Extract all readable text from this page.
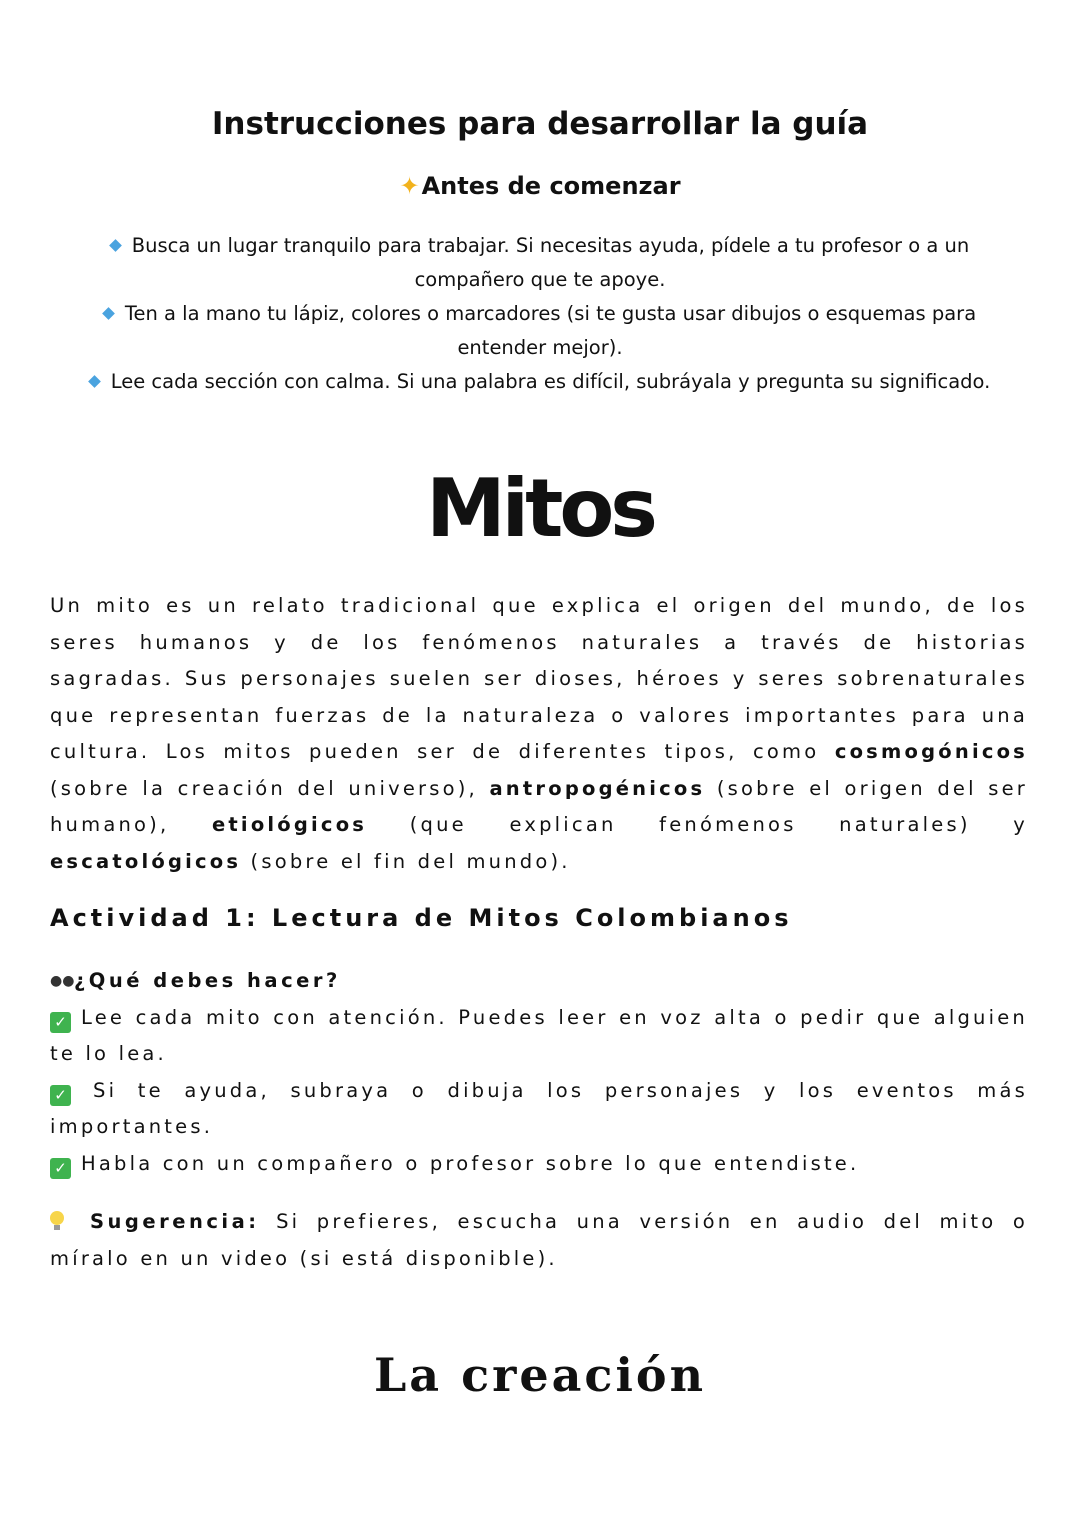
Instrucciones para desarrollar la guía
✦Antes de comenzar
Busca un lugar tranquilo para trabajar. Si necesitas ayuda, pídele a tu profesor o a un compañero que te apoye.
Ten a la mano tu lápiz, colores o marcadores (si te gusta usar dibujos o esquemas para entender mejor).
Lee cada sección con calma. Si una palabra es difícil, subráyala y pregunta su significado.
Mitos

Un mito es un relato tradicional que explica el origen del mundo, de los seres humanos y de los fenómenos naturales a través de historias sagradas. Sus personajes suelen ser dioses, héroes y seres sobrenaturales que representan fuerzas de la naturaleza o valores importantes para una cultura. Los mitos pueden ser de diferentes tipos, como cosmogónicos (sobre la creación del universo), antropogénicos (sobre el origen del ser humano), etiológicos (que explican fenómenos naturales) y escatológicos (sobre el fin del mundo).

Actividad 1: Lectura de Mitos Colombianos
●●¿Qué debes hacer?
✓ Lee cada mito con atención. Puedes leer en voz alta o pedir que alguien te lo lea.
✓ Si te ayuda, subraya o dibuja los personajes y los eventos más importantes.
✓ Habla con un compañero o profesor sobre lo que entendiste.

Sugerencia: Si prefieres, escucha una versión en audio del mito o míralo en un video (si está disponible).

La creación
